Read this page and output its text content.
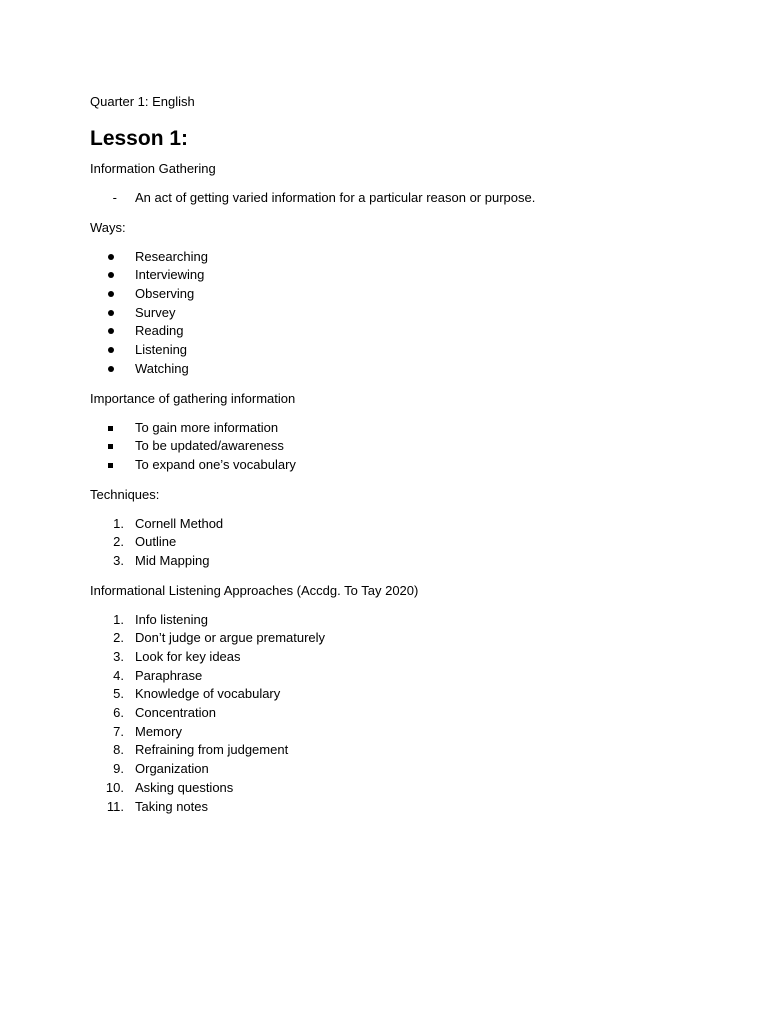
Quarter 1: English
Lesson 1:
Information Gathering
- An act of getting varied information for a particular reason or purpose.
Ways:
Researching
Interviewing
Observing
Survey
Reading
Listening
Watching
Importance of gathering information
To gain more information
To be updated/awareness
To expand one’s vocabulary
Techniques:
1. Cornell Method
2. Outline
3. Mid Mapping
Informational Listening Approaches (Accdg. To Tay 2020)
1. Info listening
2. Don’t judge or argue prematurely
3. Look for key ideas
4. Paraphrase
5. Knowledge of vocabulary
6. Concentration
7. Memory
8. Refraining from judgement
9. Organization
10. Asking questions
11. Taking notes
